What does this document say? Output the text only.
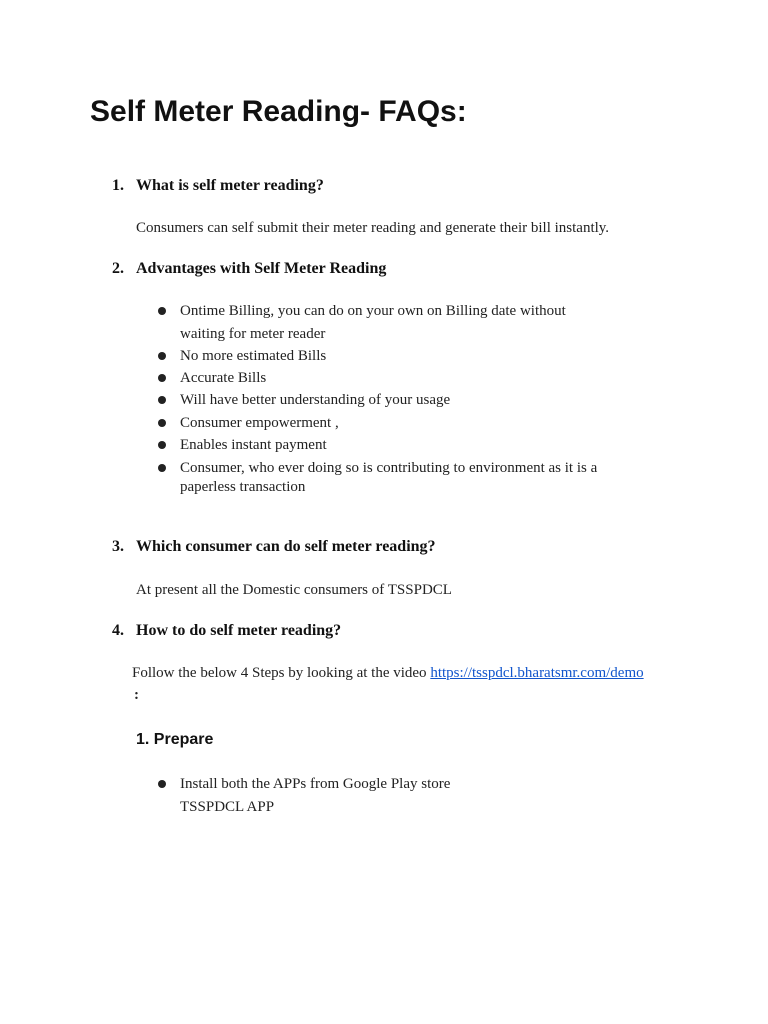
Self Meter Reading- FAQs:
1. What is self meter reading?
Consumers can self submit their meter reading and generate their bill instantly.
2. Advantages with Self Meter Reading
Ontime Billing, you can do on your own on Billing date without
waiting for meter reader
No more estimated Bills
Accurate Bills
Will have better understanding of your usage
Consumer empowerment ,
Enables instant payment
Consumer, who ever doing so is contributing to environment as it is a
paperless transaction
3. Which consumer can do self meter reading?
At present all the Domestic consumers of TSSPDCL
4. How to do self meter reading?
Follow the below 4 Steps by looking at the video https://tsspdcl.bharatsmr.com/demo
:
1. Prepare
Install both the APPs from Google Play store
TSSPDCL APP
